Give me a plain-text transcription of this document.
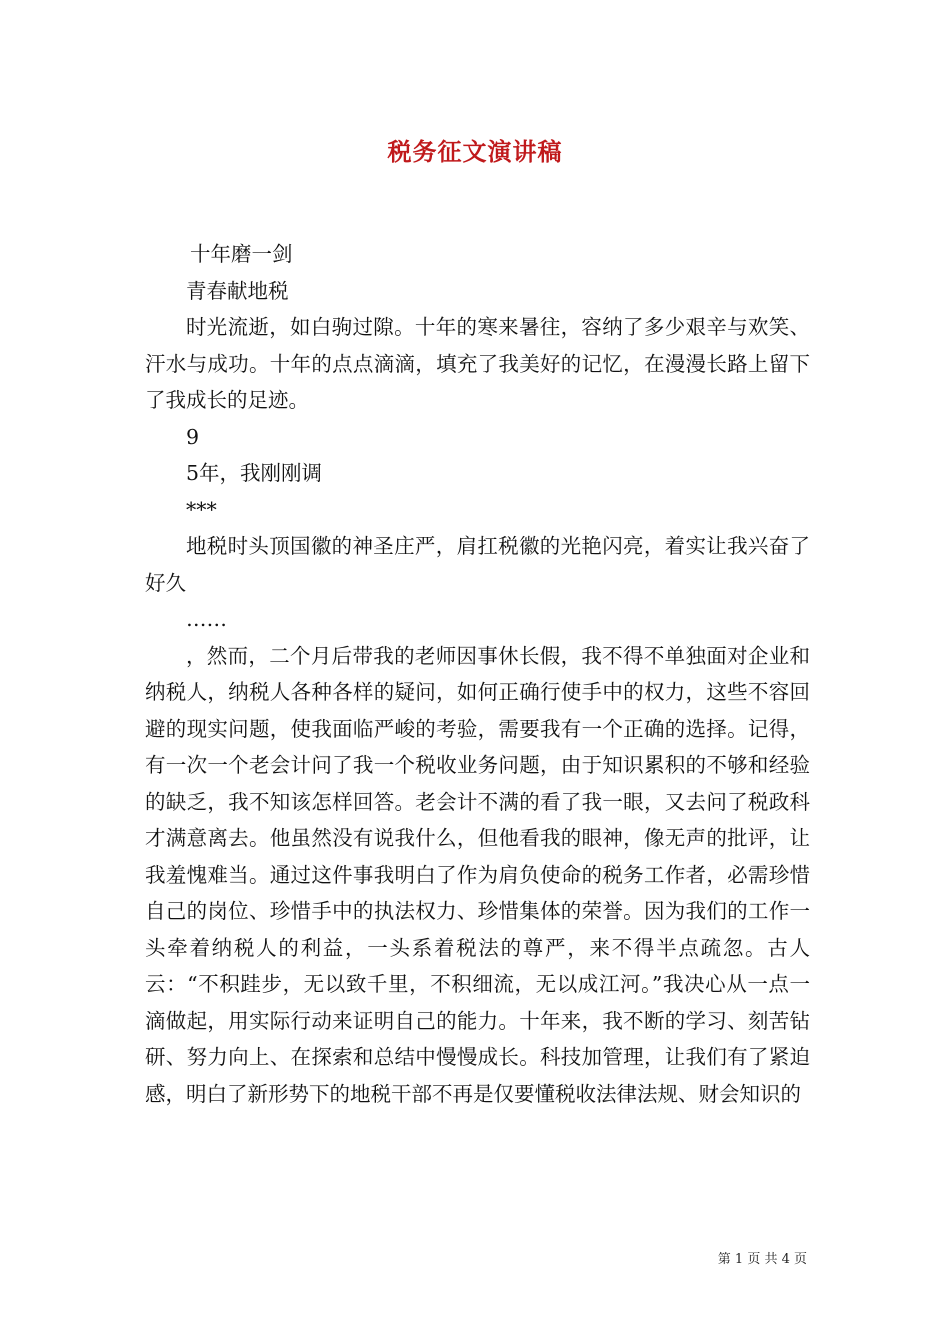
税务征文演讲稿

十年磨一剑

青春献地税

时光流逝，如白驹过隙。十年的寒来暑往，容纳了多少艰辛与欢笑、汗水与成功。十年的点点滴滴，填充了我美好的记忆，在漫漫长路上留下了我成长的足迹。

9

5年，我刚刚调

***

地税时头顶国徽的神圣庄严，肩扛税徽的光艳闪亮，着实让我兴奋了好久

……

，然而，二个月后带我的老师因事休长假，我不得不单独面对企业和纳税人，纳税人各种各样的疑问，如何正确行使手中的权力，这些不容回避的现实问题，使我面临严峻的考验，需要我有一个正确的选择。记得，有一次一个老会计问了我一个税收业务问题，由于知识累积的不够和经验的缺乏，我不知该怎样回答。老会计不满的看了我一眼，又去问了税政科才满意离去。他虽然没有说我什么，但他看我的眼神，像无声的批评，让我羞愧难当。通过这件事我明白了作为肩负使命的税务工作者，必需珍惜自己的岗位、珍惜手中的执法权力、珍惜集体的荣誉。因为我们的工作一头牵着纳税人的利益，一头系着税法的尊严，来不得半点疏忽。古人云：“不积跬步，无以致千里，不积细流，无以成江河。”我决心从一点一滴做起，用实际行动来证明自己的能力。十年来，我不断的学习、刻苦钻研、努力向上、在探索和总结中慢慢成长。科技加管理，让我们有了紧迫感，明白了新形势下的地税干部不再是仅要懂税收法律法规、财会知识的

第 1 页 共 4 页
